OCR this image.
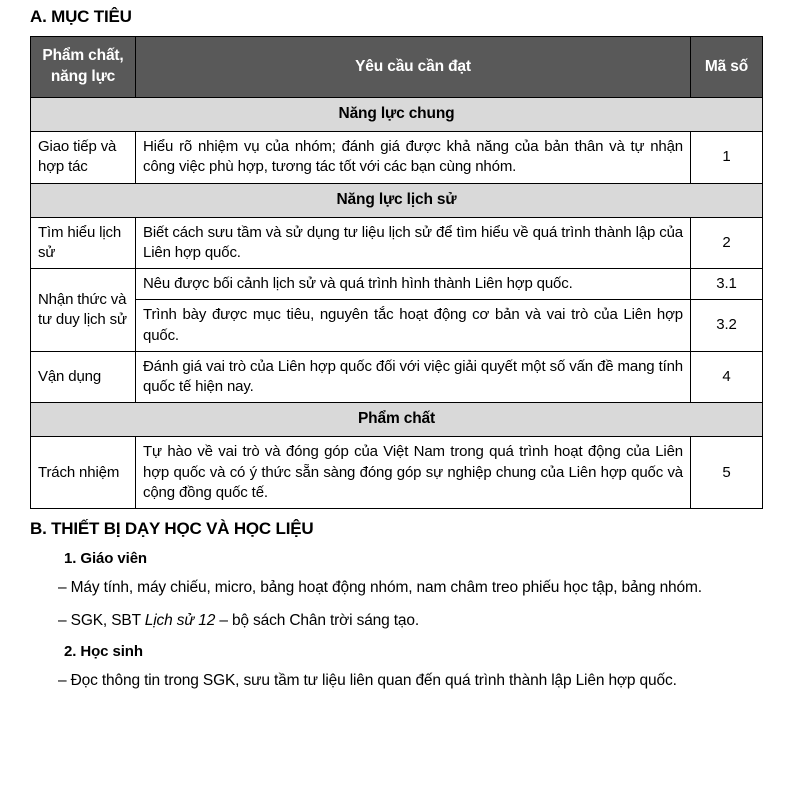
A. MỤC TIÊU
Phẩm chất,
năng lực	Yêu cầu cần đạt	Mã số
Năng lực chung		
Giao tiếp và hợp tác	Hiểu rõ nhiệm vụ của nhóm; đánh giá được khả năng của bản thân và tự nhận công việc phù hợp, tương tác tốt với các bạn cùng nhóm.	1
Năng lực lịch sử		
Tìm hiểu lịch sử	Biết cách sưu tầm và sử dụng tư liệu lịch sử để tìm hiểu về quá trình thành lập của Liên hợp quốc.	2
Nhận thức và tư duy lịch sử	Nêu được bối cảnh lịch sử và quá trình hình thành Liên hợp quốc.	3.1
	Trình bày được mục tiêu, nguyên tắc hoạt động cơ bản và vai trò của Liên hợp quốc.	3.2
Vận dụng	Đánh giá vai trò của Liên hợp quốc đối với việc giải quyết một số vấn đề mang tính quốc tế hiện nay.	4
Phẩm chất		
Trách nhiệm	Tự hào về vai trò và đóng góp của Việt Nam trong quá trình hoạt động của Liên hợp quốc và có ý thức sẵn sàng đóng góp sự nghiệp chung của Liên hợp quốc và cộng đồng quốc tế.	5
B. THIẾT BỊ DẠY HỌC VÀ HỌC LIỆU
1. Giáo viên

– Máy tính, máy chiếu, micro, bảng hoạt động nhóm, nam châm treo phiếu học tập, bảng nhóm.

– SGK, SBT Lịch sử 12 – bộ sách Chân trời sáng tạo.

2. Học sinh

– Đọc thông tin trong SGK, sưu tầm tư liệu liên quan đến quá trình thành lập Liên hợp quốc.
